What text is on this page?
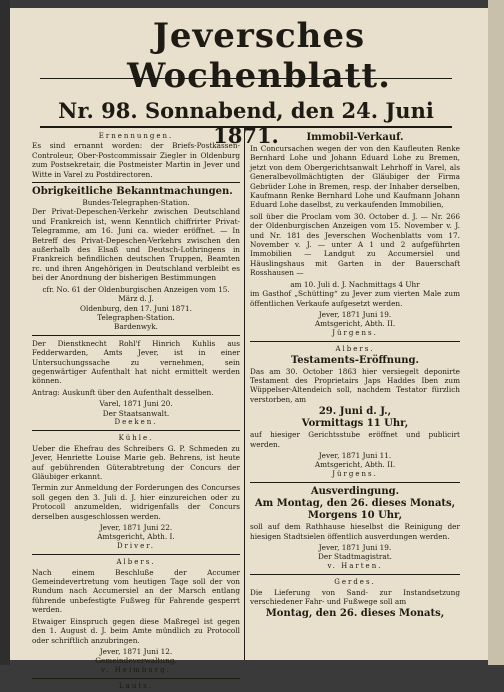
Jeversches Wochenblatt.
Nr. 98. Sonnabend, den 24. Juni 1871.
Ernennungen.
Es sind ernannt worden: der Briefs-Postkassen-Controleur, Ober-Postcommissair Ziegler in Oldenburg zum Postsekretair, die Postmeister Martin in Jever und Witte in Varel zu Postdirectoren.
Obrigkeitliche Bekanntmachungen.
Bundes-Telegraphen-Station.
Der Privat-Depeschen-Verkehr zwischen Deutschland und Frankreich ist, wenn Kenntlich chiffrirter Privat-Telegramme, am 16. Juni ca. wieder eröffnet. — In Betreff des Privat-Depeschen-Verkehrs zwischen den außerhalb des Elsaß und Deutsch-Lothringens in Frankreich befindlichen deutschen Truppen, Beamten rc. und ihren Angehörigen in Deutschland verbleibt es bei der Anordnung der bisherigen Bestimmungen
cfr. No. 61 der Oldenburgischen Anzeigen vom 15. März d. J.
Oldenburg, den 17. Juni 1871.
Telegraphen-Station.
Bardenwyk.
Der Dienstknecht Rohl'f Hinrich Kuhlis aus Fedderwarden, Amts Jever, ist in einer Untersuchungssache zu vernehmen, sein gegenwärtiger Aufenthalt hat nicht ermittelt werden können.
Antrag: Auskunft über den Aufenthalt desselben.
Varel, 1871 Juni 20.
Der Staatsanwalt.
Deeken.
Kühle.
Ueber die Ehefrau des Schreibers G. P. Schmeden zu Jever, Henriette Louise Marie geb. Behrens, ist heute auf gebührenden Güterabtretung der Concurs der Gläubiger erkannt.
Termin zur Anmeldung der Forderungen des Concurses soll gegen den 3. Juli d. J. hier einzureichen oder zu Protocoll anzumelden, widrigenfalls der Concurs derselben ausgeschlossen werden.
Jever, 1871 Juni 22.
Amtsgericht, Abth. I.
Driver.
Albers.
Nach einem Beschluße der Accumer Gemeindevertretung vom heutigen Tage soll der von Rundum nach Accumersiel an der Marsch entlang führende unbefestigte Fußweg für Fahrende gesperrt werden.
Etwaiger Einspruch gegen diese Maßregel ist gegen den 1. August d. J. beim Amte mündlich zu Protocoll oder schriftlich anzubringen.
Jever, 1871 Juni 12.
Gemeindeverwaltung.
v. Heimburg.
Lauts.
Immobil-Verkauf.
In Concursachen wegen der von den Kaufleuten Renke Bernhard Lohe und Johann Eduard Lohe zu Bremen, jetzt von dem Obergerichtsanwalt Lehrhoff in Varel, als Generalbevollmächtigten der Gläubiger der Firma Gebrüder Lohe in Bremen, resp. der Inhaber derselben, Kaufmann Renke Bernhard Lohe und Kaufmann Johann Eduard Lohe daselbst, zu verkaufenden Immobilien,
soll über die Proclam vom 30. October d. J. — Nr. 266 der Oldenburgischen Anzeigen vom 15. November v. J. und Nr. 181 des Jeverschen Wochenblatts vom 17. November v. J. — unter A 1 und 2 aufgeführten Immobilien — Landgut zu Accumersiel und Häuslingshaus mit Garten in der Bauerschaft Rosshausen —
am 10. Juli d. J. Nachmittags 4 Uhr
im Gasthof „Schütting“ zu Jever zum vierten Male zum öffentlichen Verkaufe aufgesetzt werden.
Jever, 1871 Juni 19.
Amtsgericht, Abth. II.
Jürgens.
Albers.
Testaments-Eröffnung.
Das am 30. October 1863 hier versiegelt deponirte Testament des Proprietairs Japs Haddes Iben zum Wüppelser-Altendeich soll, nachdem Testator fürzlich verstorben, am
29. Juni d. J.,
Vormittags 11 Uhr,
auf hiesiger Gerichtsstube eröffnet und publicirt werden.
Jever, 1871 Juni 11.
Amtsgericht, Abth. II.
Jürgens.
Ausverdingung.
Am Montag, den 26. dieses Monats,
Morgens 10 Uhr,
soll auf dem Rathhause hieselbst die Reinigung der hiesigen Stadtsielen öffentlich ausverdungen werden.
Jever, 1871 Juni 19.
Der Stadtmagistrat.
v. Harten.
Gerdes.
Die Lieferung von Sand- zur Instandsetzung verschiedener Fahr- und Fußwege soll am
Montag, den 26. dieses Monats,
